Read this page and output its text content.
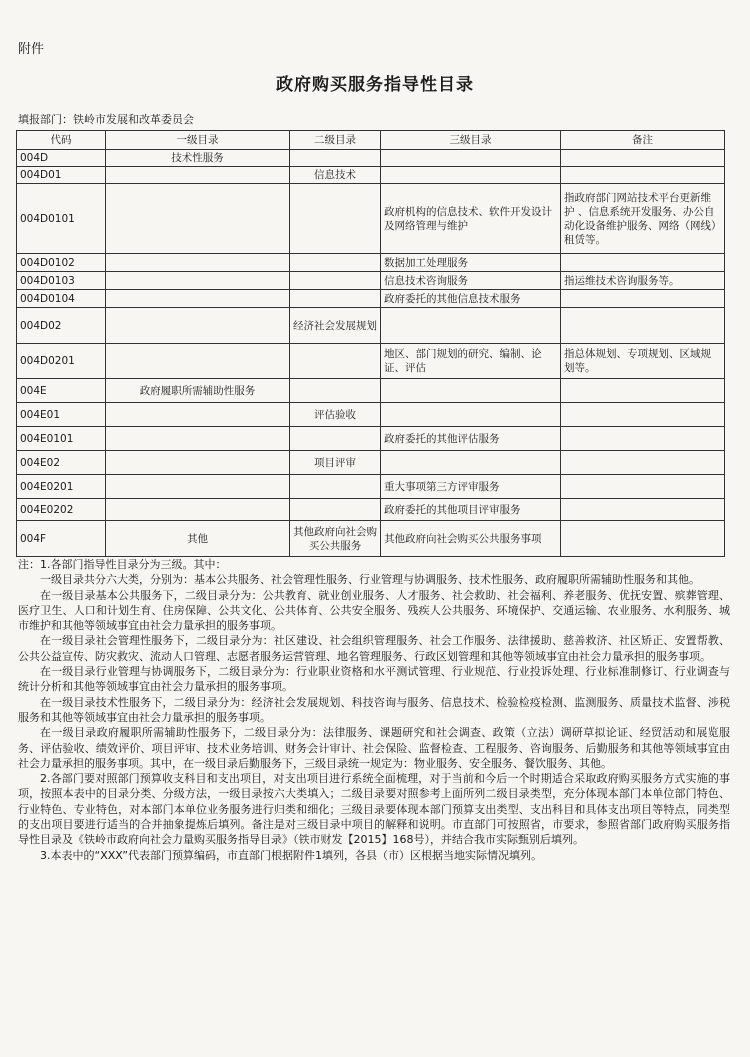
附件
政府购买服务指导性目录
填报部门：铁岭市发展和改革委员会
代码	一级目录	二级目录	三级目录	备注
004D	技术性服务			
004D01		信息技术		
004D0101			政府机构的信息技术、软件开发设计及网络管理与维护	指政府部门网站技术平台更新维护 、信息系统开发服务、办公自动化设备维护服务、网络（网线）租赁等。
004D0102			数据加工处理服务	
004D0103			信息技术咨询服务	指运维技术咨询服务等。
004D0104			政府委托的其他信息技术服务	
004D02		经济社会发展规划		
004D0201			地区、部门规划的研究、编制、论证、评估	指总体规划、专项规划、区域规划等。
004E	政府履职所需辅助性服务			
004E01		评估验收		
004E0101			政府委托的其他评估服务	
004E02		项目评审		
004E0201			重大事项第三方评审服务	
004E0202			政府委托的其他项目评审服务	
004F	其他	其他政府向社会购买公共服务	其他政府向社会购买公共服务事项	

注：1.各部门指导性目录分为三级。其中：

一级目录共分六大类，分别为：基本公共服务、社会管理性服务、行业管理与协调服务、技术性服务、政府履职所需辅助性服务和其他。

在一级目录基本公共服务下，二级目录分为：公共教育、就业创业服务、人才服务、社会救助、社会福利、养老服务、优抚安置、殡葬管理、医疗卫生、人口和计划生育、住房保障、公共文化、公共体育、公共安全服务、残疾人公共服务、环境保护、交通运输、农业服务、水利服务、城市维护和其他等领域事宜由社会力量承担的服务事项。

在一级目录社会管理性服务下，二级目录分为：社区建设、社会组织管理服务、社会工作服务、法律援助、慈善救济、社区矫正、安置帮教、公共公益宣传、防灾救灾、流动人口管理、志愿者服务运营管理、地名管理服务、行政区划管理和其他等领域事宜由社会力量承担的服务事项。

在一级目录行业管理与协调服务下，二级目录分为：行业职业资格和水平测试管理、行业规范、行业投诉处理、行业标准制修订、行业调查与统计分析和其他等领域事宜由社会力量承担的服务事项。

在一级目录技术性服务下，二级目录分为：经济社会发展规划、科技咨询与服务、信息技术、检验检疫检测、监测服务、质量技术监督、涉税服务和其他等领域事宜由社会力量承担的服务事项。

在一级目录政府履职所需辅助性服务下，二级目录分为：法律服务、课题研究和社会调查、政策（立法）调研草拟论证、经贸活动和展览服务、评估验收、绩效评价、项目评审、技术业务培训、财务会计审计、社会保险、监督检查、工程服务、咨询服务、后勤服务和其他等领域事宜由社会力量承担的服务事项。其中，在一级目录后勤服务下，三级目录统一规定为：物业服务、安全服务、餐饮服务、其他。

2.各部门要对照部门预算收支科目和支出项目，对支出项目进行系统全面梳理，对于当前和今后一个时期适合采取政府购买服务方式实施的事项，按照本表中的目录分类、分级方法，一级目录按六大类填入；二级目录要对照参考上面所列二级目录类型，充分体现本部门本单位部门特色、行业特色、专业特色，对本部门本单位业务服务进行归类和细化；三级目录要体现本部门预算支出类型、支出科目和具体支出项目等特点，同类型的支出项目要进行适当的合并抽象提炼后填列。备注是对三级目录中项目的解释和说明。市直部门可按照省，市要求，参照省部门政府购买服务指导性目录及《铁岭市政府向社会力量购买服务指导目录》（铁市财发【2015】168号），并结合我市实际甄别后填列。

3.本表中的“XXX”代表部门预算编码，市直部门根据附件1填列，各县（市）区根据当地实际情况填列。
